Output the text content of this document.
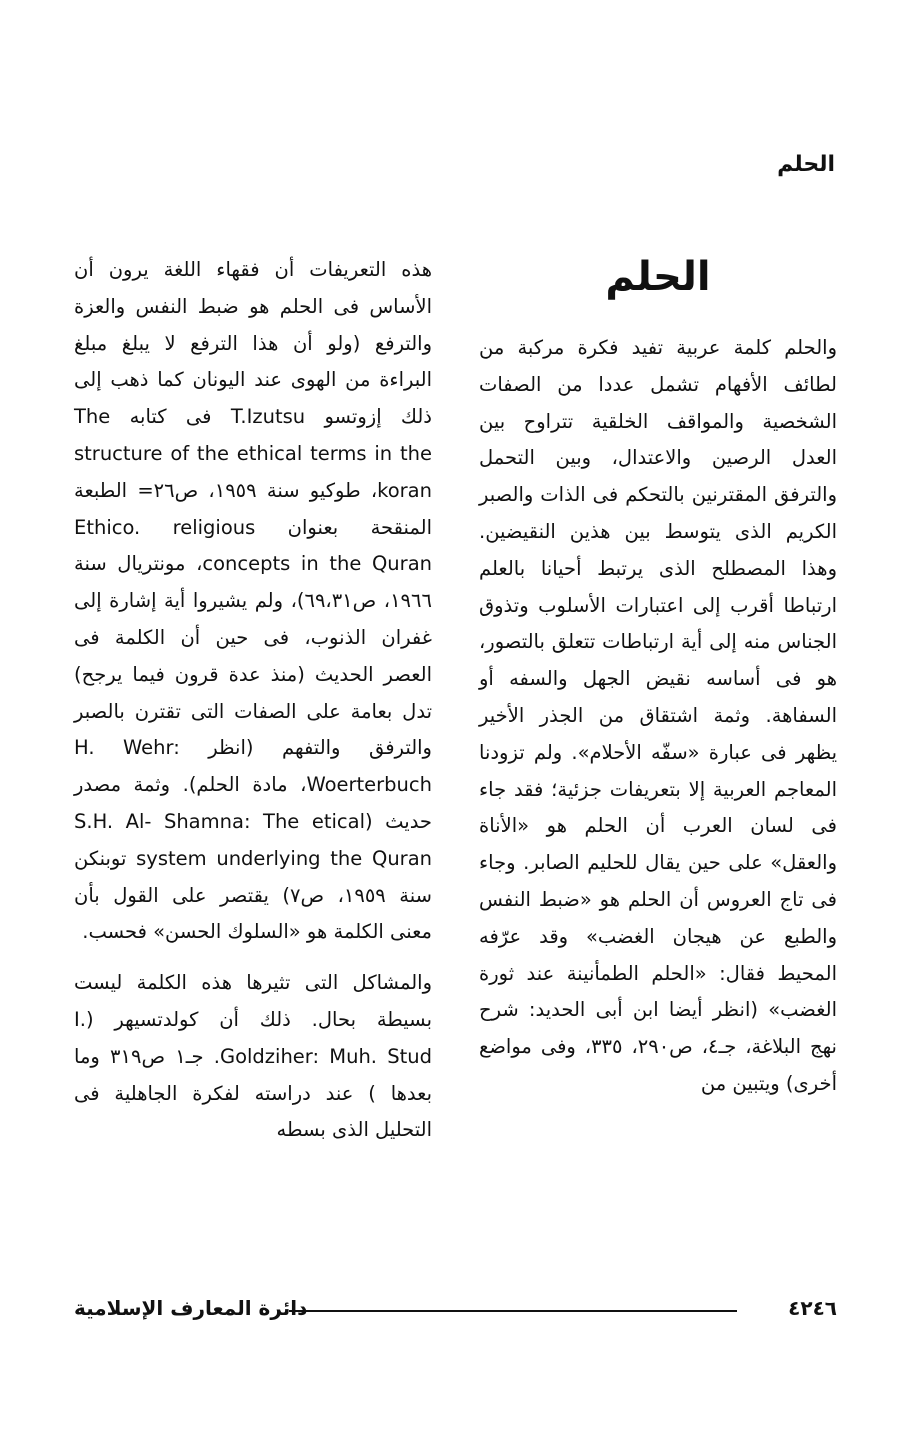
الحلم
الحلم

والحلم كلمة عربية تفيد فكرة مركبة من لطائف الأفهام تشمل عددا من الصفات الشخصية والمواقف الخلقية تتراوح بين العدل الرصين والاعتدال، وبين التحمل والترفق المقترنين بالتحكم فى الذات والصبر الكريم الذى يتوسط بين هذين النقيضين. وهذا المصطلح الذى يرتبط أحيانا بالعلم ارتباطا أقرب إلى اعتبارات الأسلوب وتذوق الجناس منه إلى أية ارتباطات تتعلق بالتصور، هو فى أساسه نقيض الجهل والسفه أو السفاهة. وثمة اشتقاق من الجذر الأخير يظهر فى عبارة «سفّه الأحلام». ولم تزودنا المعاجم العربية إلا بتعريفات جزئية؛ فقد جاء فى لسان العرب أن الحلم هو «الأناة والعقل» على حين يقال للحليم الصابر. وجاء فى تاج العروس أن الحلم هو «ضبط النفس والطبع عن هيجان الغضب» وقد عرّفه المحيط فقال: «الحلم الطمأنينة عند ثورة الغضب» (انظر أيضا ابن أبى الحديد: شرح نهج البلاغة، جـ٤، ص٢٩٠، ٣٣٥، وفى مواضع أخرى) ويتبين من

هذه التعريفات أن فقهاء اللغة يرون أن الأساس فى الحلم هو ضبط النفس والعزة والترفع (ولو أن هذا الترفع لا يبلغ مبلغ البراءة من الهوى عند اليونان كما ذهب إلى ذلك إزوتسو T.Izutsu فى كتابه The structure of the ethical terms in the koran، طوكيو سنة ١٩٥٩، ص٢٦= الطبعة المنقحة بعنوان Ethico. religious concepts in the Quran، مونتريال سنة ١٩٦٦، ص٦٩،٣١)، ولم يشيروا أية إشارة إلى غفران الذنوب، فى حين أن الكلمة فى العصر الحديث (منذ عدة قرون فيما يرجح) تدل بعامة على الصفات التى تقترن بالصبر والترفق والتفهم (انظر H. Wehr: Woerterbuch، مادة الحلم). وثمة مصدر حديث (S.H. Al- Shamna: The etical system underlying the Quran توبنكن سنة ١٩٥٩، ص٧) يقتصر على القول بأن معنى الكلمة هو «السلوك الحسن» فحسب.

والمشاكل التى تثيرها هذه الكلمة ليست بسيطة بحال. ذلك أن كولدتسيهر (I. Goldziher: Muh. Stud. جـ١ ص٣١٩ وما بعدها ) عند دراسته لفكرة الجاهلية فى التحليل الذى بسطه

٤٢٤٦
دائرة المعارف الإسلامية
